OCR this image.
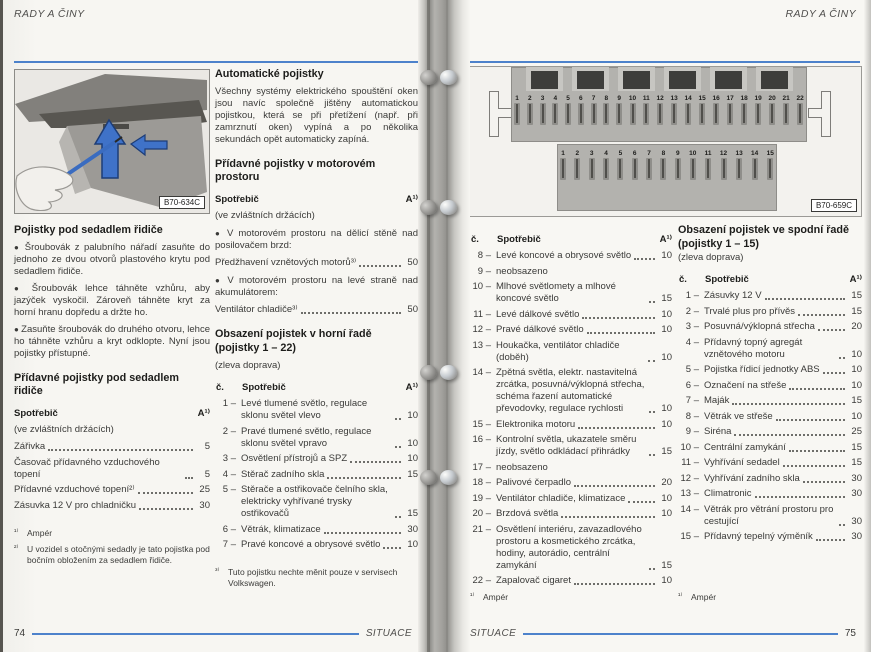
RADY A ČINY
B70-634C
Pojistky pod sedadlem řidiče

● Šroubovák z palubního nářadí zasuňte do jednoho ze dvou otvorů plastového krytu pod sedadlem řidiče.

● Šroubovák lehce táhněte vzhůru, aby jazýček vyskočil. Zároveň táhněte kryt za horní hranu dopředu a držte ho.

● Zasuňte šroubovák do druhého otvoru, lehce ho táhněte vzhůru a kryt odklopte. Nyní jsou pojistky přístupné.

Přídavné pojistky pod sedadlem řidiče
Spotřebič	A¹⁾

(ve zvláštních držácích)

Zářivka	5
Časovač přídavného vzduchového topení	5
Přídavné vzduchové topení²⁾	25
Zásuvka 12 V pro chladničku	30
¹⁾	Ampér
²⁾	U vozidel s otočnými sedadly je tato pojistka pod bočním obložením za sedadlem řidiče.
Automatické pojistky

Všechny systémy elektrického spouštění oken jsou navíc společně jištěny automatickou pojistkou, která se při přetížení (např. při zamrznutí oken) vypíná a po několika sekundách opět automaticky zapíná.

Přídavné pojistky v motorovém prostoru
Spotřebič	A¹⁾

(ve zvláštních držácích)

● V motorovém prostoru na dělicí stěně nad posilovačem brzd:

Předžhavení vznětových motorů³⁾	50

● V motorovém prostoru na levé straně nad akumulátorem:

Ventilátor chladiče³⁾	50
Obsazení pojistek v horní řadě
(pojistky 1 – 22)

(zleva doprava)

č.	Spotřebič	A¹⁾
1 – Levé tlumené světlo, regulace sklonu světel vlevo	10
2 – Pravé tlumené světlo, regulace sklonu světel vpravo	10
3 – Osvětlení přístrojů a SPZ	10
4 – Stěrač zadního skla	15
5 – Stěrače a ostřikovače čelního skla, elektricky vyhřívané trysky ostřikovačů	15
6 – Větrák, klimatizace	30
7 – Pravé koncové a obrysové světlo	10
³⁾	Tuto pojistku nechte měnit pouze v servisech Volkswagen.
74	SITUACE
RADY A ČINY
1 2 3 4 5 6 7 8 9 10 11 12 13 14 15 16 17 18 19 20 21 22
1 2 3 4 5 6 7 8 9 10 11 12 13 14 15
B70-659C
č.	Spotřebič	A¹⁾
8 – Levé koncové a obrysové světlo	10
9 – neobsazeno
10 – Mlhové světlomety a mlhové koncové světlo	15
11 – Levé dálkové světlo	10
12 – Pravé dálkové světlo	10
13 – Houkačka, ventilátor chladiče (doběh)	10
14 – Zpětná světla, elektr. nastavitelná zrcátka, posuvná/výklopná střecha, schéma řazení automatické převodovky, regulace rychlosti	10
15 – Elektronika motoru	10
16 – Kontrolní světla, ukazatele směru jízdy, světlo odkládací přihrádky	15
17 – neobsazeno
18 – Palivové čerpadlo	20
19 – Ventilátor chladiče, klimatizace	10
20 – Brzdová světla	10
21 – Osvětlení interiéru, zavazadlového prostoru a kosmetického zrcátka, hodiny, autorádio, centrální zamykání	15
22 – Zapalovač cigaret	10
¹⁾	Ampér
Obsazení pojistek ve spodní řadě
(pojistky 1 – 15)

(zleva doprava)

č.	Spotřebič	A¹⁾
1 – Zásuvky 12 V	15
2 – Trvalé plus pro přívěs	15
3 – Posuvná/výklopná střecha	20
4 – Přídavný topný agregát vznětového motoru	10
5 – Pojistka řídicí jednotky ABS	10
6 – Označení na střeše	10
7 – Maják	15
8 – Větrák ve střeše	10
9 – Siréna	25
10 – Centrální zamykání	15
11 – Vyhřívání sedadel	15
12 – Vyhřívání zadního skla	30
13 – Climatronic	30
14 – Větrák pro větrání prostoru pro cestující	30
15 – Přídavný tepelný výměník	30
¹⁾	Ampér
SITUACE	75
